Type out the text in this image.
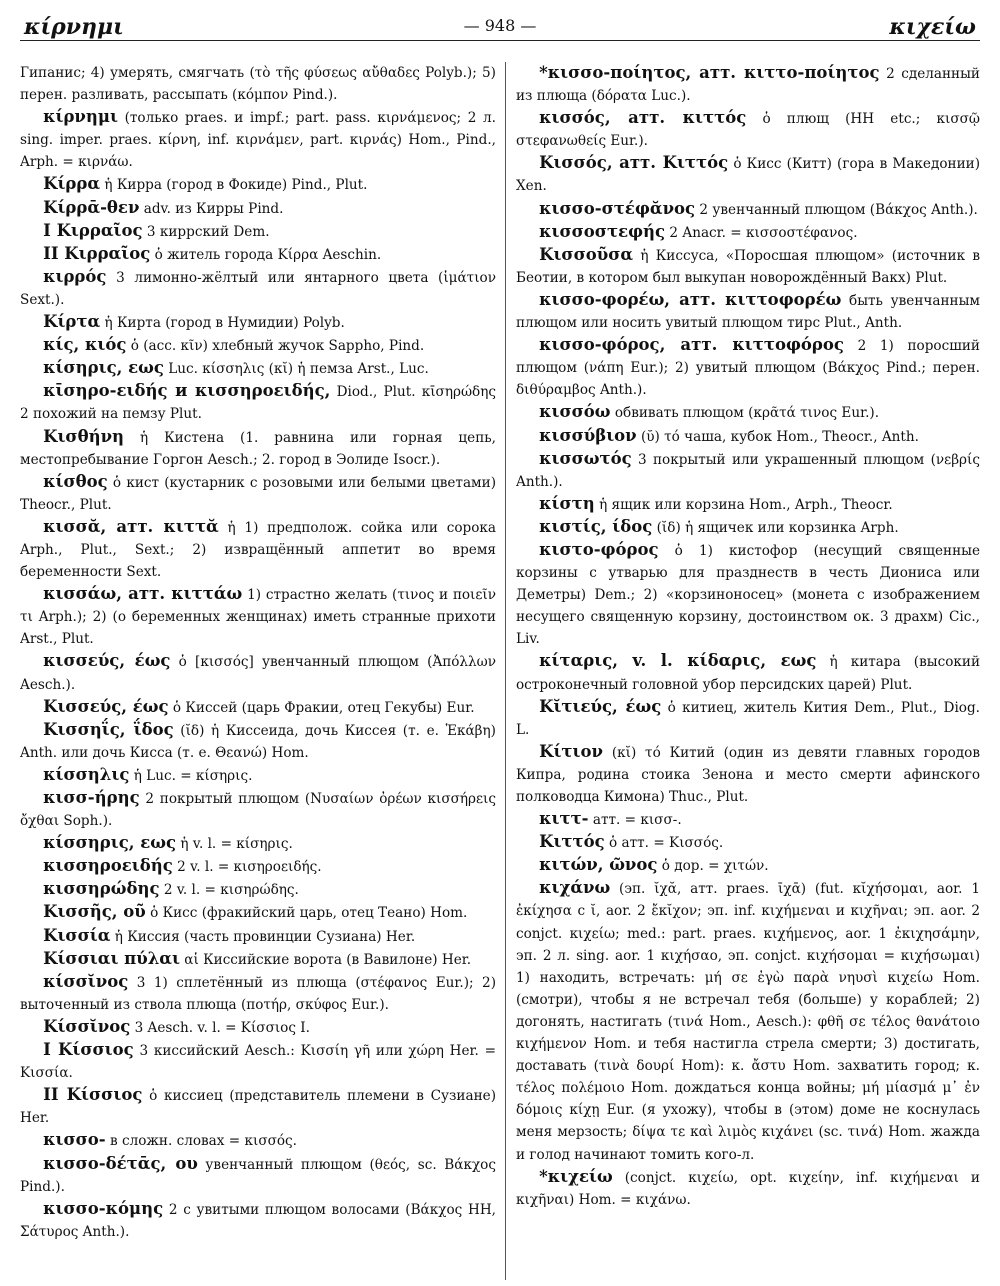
κίρνημι	— 948 —	κιχείω

Гипанис; 4) умерять, смягчать (τὸ τῆς φύσεως αὔθαδες Polyb.); 5) перен. разливать, рассыпать (κόμπον Pind.).

κίρνημι (только praes. и impf.; part. pass. κιρνάμενος; 2 л. sing. imper. praes. κίρνη, inf. κιρνάμεν, part. κιρνάς) Hom., Pind., Arph. = κιρνάω.

Κίρρα ἡ Кирра (город в Фокиде) Pind., Plut.

Κίρρᾱ-θεν adv. из Кирры Pind.

I Κιρραῖος 3 киррский Dem.

II Κιρραῖος ὁ житель города Κίρρα Aeschin.

κιρρός 3 лимонно-жёлтый или янтарного цвета (ἱμάτιον Sext.).

Κίρτα ἡ Кирта (город в Нумидии) Polyb.

κίς, κιός ὁ (acc. κῖν) хлебный жучок Sappho, Pind.

κίσηρις, εως Luc. κίσσηλις (κῐ) ἡ пемза Arst., Luc.

κῑσηρο-ειδής и κισσηροειδής, Diod., Plut. κῑσηρώδης 2 похожий на пемзу Plut.

Κισθήνη ἡ Кистена (1. равнина или горная цепь, местопребывание Горгон Aesch.; 2. город в Эолиде Isocr.).

κίσθος ὁ кист (кустарник с розовыми или белыми цветами) Theocr., Plut.

κισσᾰ, атт. κιττᾰ ἡ 1) предполож. сойка или сорока Arph., Plut., Sext.; 2) извращённый аппетит во время беременности Sext.

κισσάω, атт. κιττάω 1) страстно желать (τινος и ποιεῖν τι Arph.); 2) (о беременных женщинах) иметь странные прихоти Arst., Plut.

κισσεύς, έως ὁ [κισσός] увенчанный плющом (Ἀπόλλων Aesch.).

Κισσεύς, έως ὁ Киссей (царь Фракии, отец Гекубы) Eur.

Κισσηΐς, ΐδος (ῐδ) ἡ Киссеида, дочь Киссея (т. е. Ἑκάβη) Anth. или дочь Кисса (т. е. Θεανώ) Hom.

κίσσηλις ἡ Luc. = κίσηρις.

κισσ-ήρης 2 покрытый плющом (Νυσαίων ὀρέων κισσήρεις ὄχθαι Soph.).

κίσσηρις, εως ἡ v. l. = κίσηρις.

κισσηροειδής 2 v. l. = κισηροειδής.

κισσηρώδης 2 v. l. = κισηρώδης.

Κισσῆς, οῦ ὁ Кисс (фракийский царь, отец Теано) Hom.

Κισσία ἡ Киссия (часть провинции Сузиана) Her.

Κίσσιαι πύλαι αἱ Киссийские ворота (в Вавилоне) Her.

κίσσῐνος 3 1) сплетённый из плюща (στέφανος Eur.); 2) выточенный из ствола плюща (ποτήρ, σκύφος Eur.).

Κίσσῐνος 3 Aesch. v. l. = Κίσσιος I.

I Κίσσιος 3 киссийский Aesch.: Κισσίη γῆ или χώρη Her. = Κισσία.

II Κίσσιος ὁ киссиец (представитель племени в Сузиане) Her.

κισσο- в сложн. словах = κισσός.

κισσο-δέτᾱς, ου увенчанный плющом (θεός, sc. Βάκχος Pind.).

κισσο-κόμης 2 с увитыми плющом волосами (Βάκχος HH, Σάτυρος Anth.).

*κισσο-ποίητος, атт. κιττο-ποίητος 2 сделанный из плюща (δόρατα Luc.).

κισσός, атт. κιττός ὁ плющ (HH etc.; κισσῷ στεφανωθείς Eur.).

Κισσός, атт. Κιττός ὁ Кисс (Китт) (гора в Македонии) Xen.

κισσο-στέφᾰνος 2 увенчанный плющом (Βάκχος Anth.).

κισσοστεφής 2 Anacr. = κισσοστέφανος.

Κισσοῦσα ἡ Киссуса, «Поросшая плющом» (источник в Беотии, в котором был выкупан новорождённый Вакх) Plut.

κισσο-φορέω, атт. κιττοφορέω быть увенчанным плющом или носить увитый плющом тирс Plut., Anth.

κισσο-φόρος, атт. κιττοφόρος 2 1) поросший плющом (νάπη Eur.); 2) увитый плющом (Βάκχος Pind.; перен. διθύραμβος Anth.).

κισσόω обвивать плющом (κρᾶτά τινος Eur.).

κισσύβιον (ῠ) τό чаша, кубок Hom., Theocr., Anth.

κισσωτός 3 покрытый или украшенный плющом (νεβρίς Anth.).

κίστη ἡ ящик или корзина Hom., Arph., Theocr.

κιστίς, ίδος (ῐδ) ἡ ящичек или корзинка Arph.

κιστο-φόρος ὁ 1) кистофор (несущий священные корзины с утварью для празднеств в честь Диониса или Деметры) Dem.; 2) «корзинонοсец» (монета с изображением несущего священную корзину, достоинством ок. 3 драхм) Cic., Liv.

κίταρις, v. l. κίδαρις, εως ἡ китара (высокий остроконечный головной убор персидских царей) Plut.

Κῐτιεύς, έως ὁ китиец, житель Кития Dem., Plut., Diog. L.

Κίτιον (κῐ) τό Китий (один из девяти главных городов Кипра, родина стоика Зенона и место смерти афинского полководца Кимона) Thuc., Plut.

κιττ- атт. = κισσ-.

Κιττός ὁ атт. = Κισσός.

κιτών, ῶνος ὁ дор. = χιτών.

κιχάνω (эп. ῐχᾰ, атт. praes. ῑχᾱ) (fut. κῐχήσομαι, aor. 1 ἐκίχησα с ῐ, aor. 2 ἔκῐχον; эп. inf. κιχήμεναι и κιχῆναι; эп. aor. 2 conjct. κιχείω; med.: part. praes. κιχήμενος, aor. 1 ἐκιχησάμην, эп. 2 л. sing. aor. 1 κιχήσαο, эп. conjct. κιχήσομαι = κιχήσωμαι) 1) находить, встречать: μή σε ἐγὼ παρὰ νηυσὶ κιχείω Hom. (смотри), чтобы я не встречал тебя (больше) у кораблей; 2) догонять, настигать (τινά Hom., Aesch.): φθῆ σε τέλος θανάτοιο κιχήμενον Hom. и тебя настигла стрела смерти; 3) достигать, доставать (τινὰ δουρί Hom): κ. ἄστυ Hom. захватить город; κ. τέλος πολέμοιο Hom. дождаться конца войны; μή μίασμά μ᾽ ἐν δόμοις κίχῃ Eur. (я ухожу), чтобы в (этом) доме не коснулась меня мерзость; δίψα τε καὶ λιμὸς κιχάνει (sc. τινά) Hom. жажда и голод начинают томить кого-л.

*κιχείω (conjct. κιχείω, opt. κιχείην, inf. κιχήμεναι и κιχῆναι) Hom. = κιχάνω.
